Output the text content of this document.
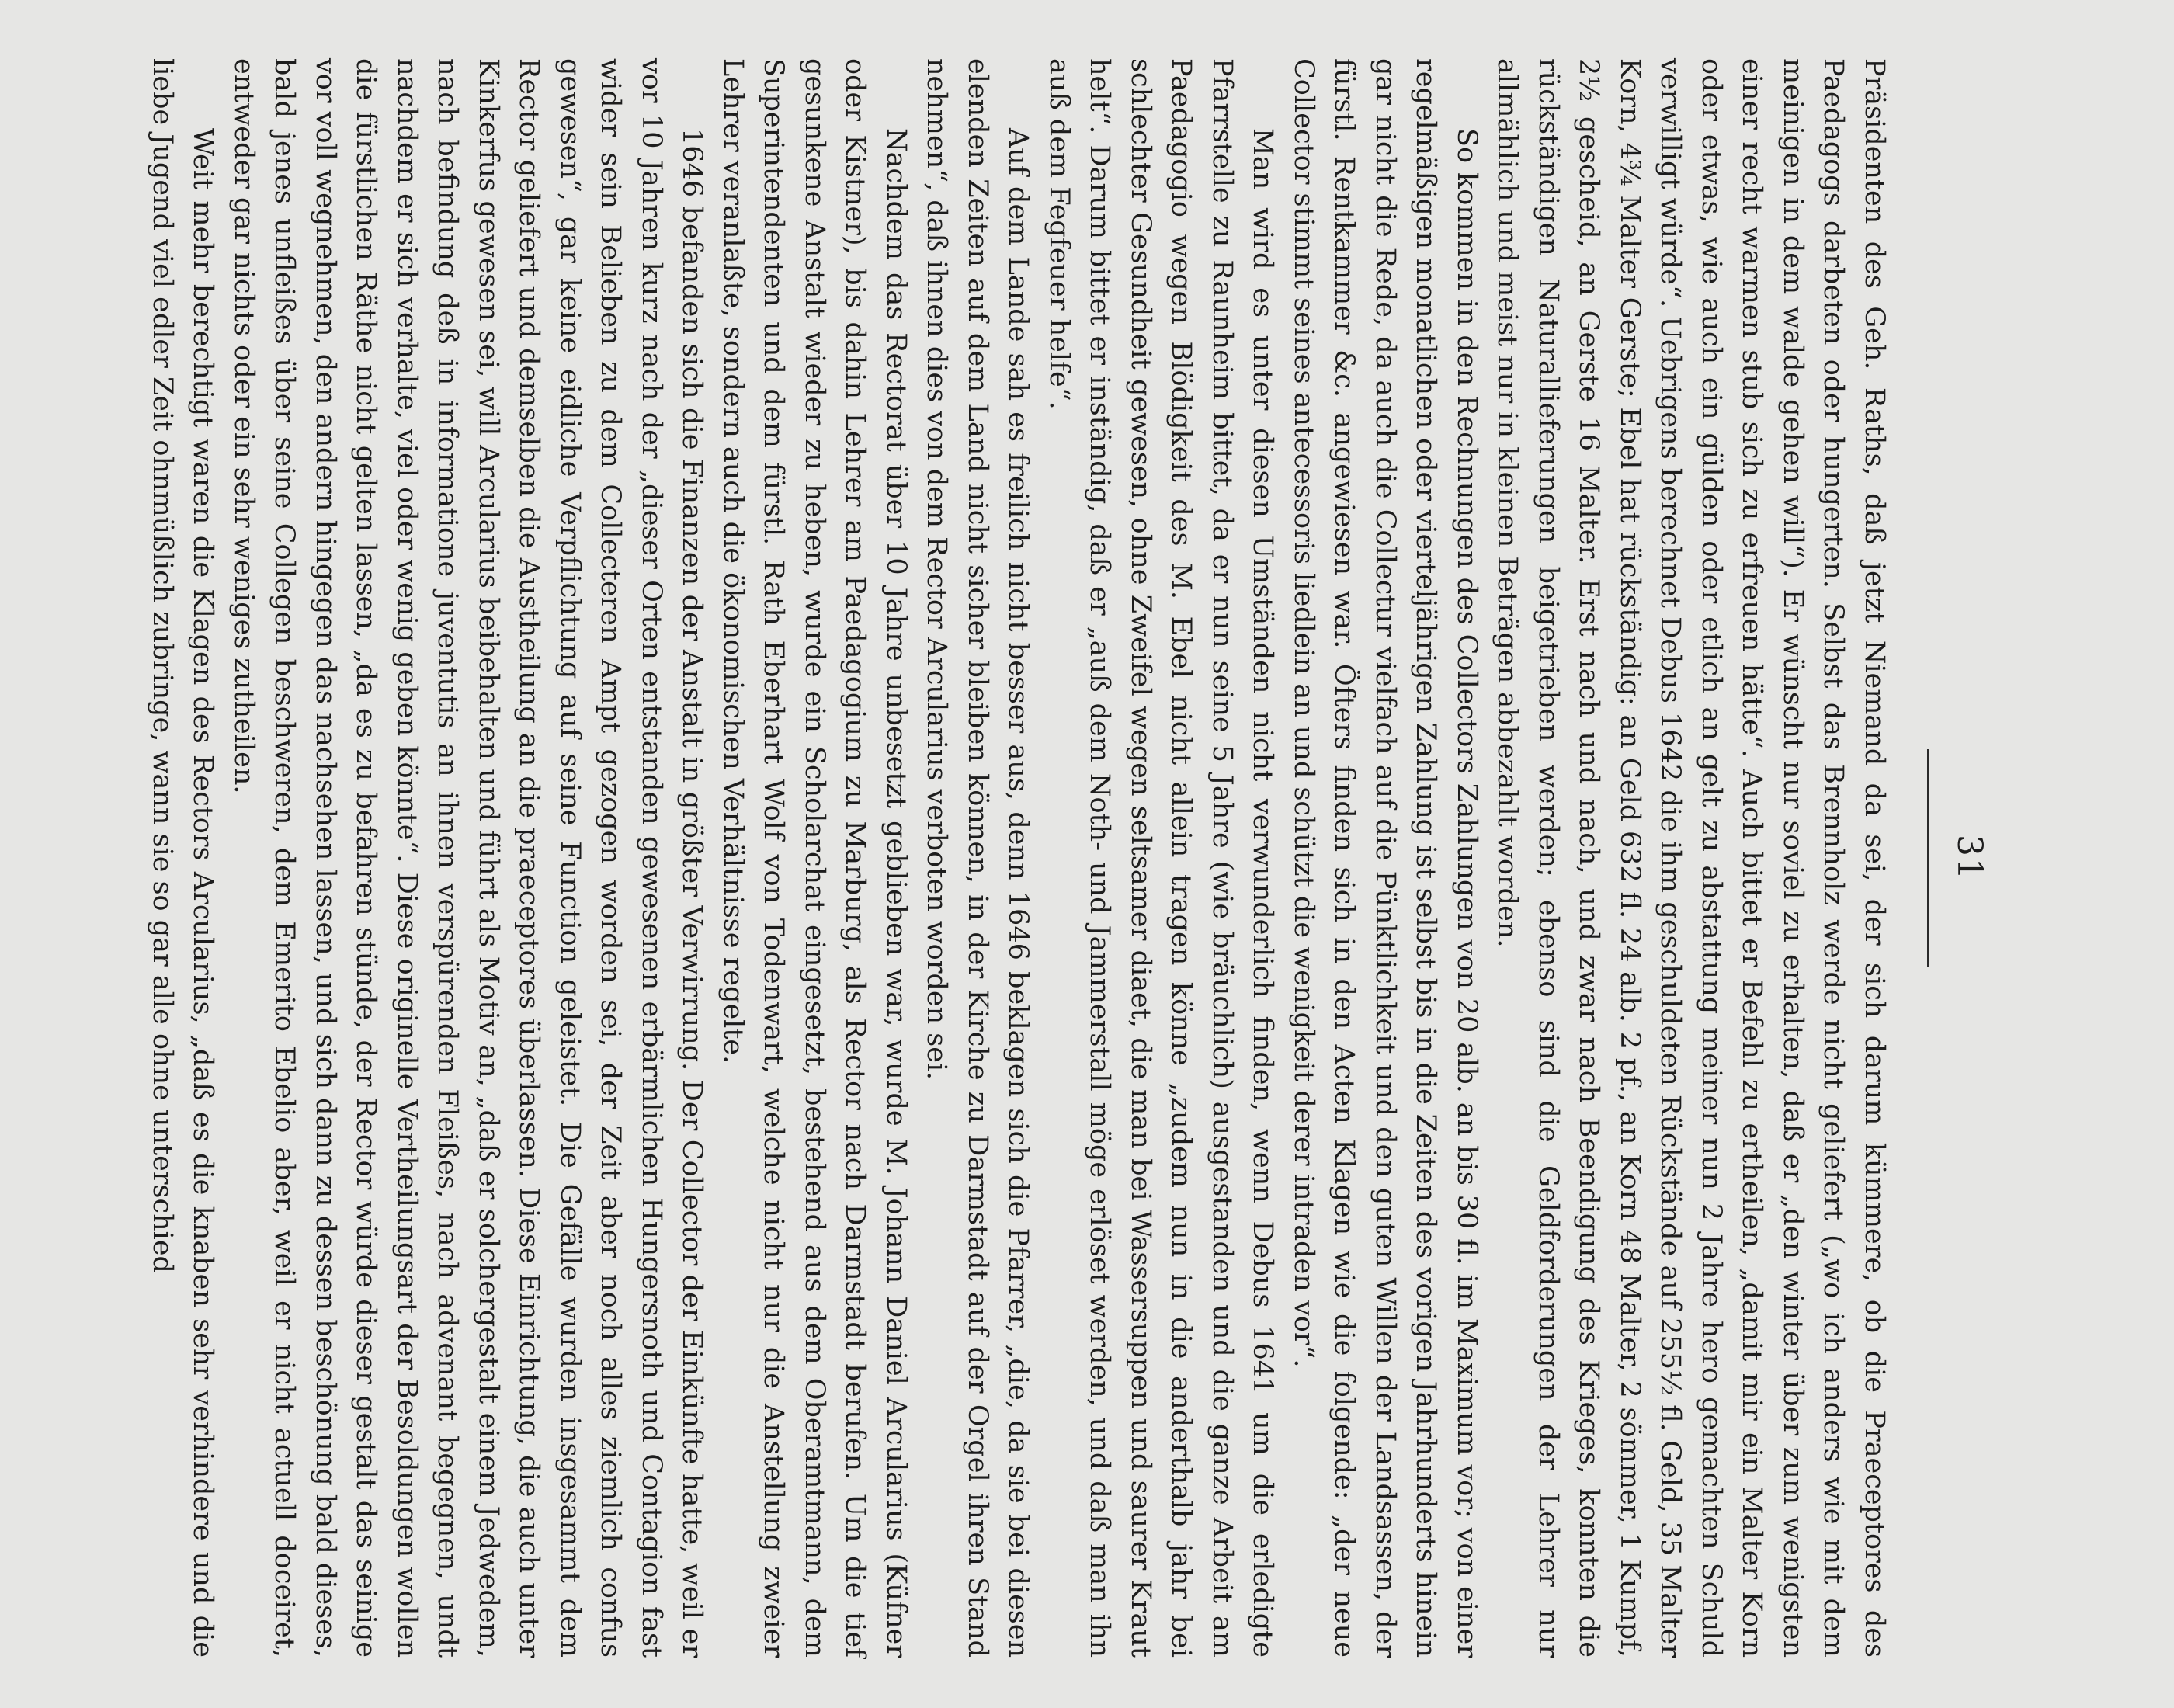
31

Präsidenten des Geh. Raths, daß jetzt Niemand da sei, der sich darum kümmere, ob die Praeceptores des Paedagogs darbeten oder hungerten. Selbst das Brennholz werde nicht geliefert („wo ich anders wie mit dem meinigen in dem walde gehen will“). Er wünscht nur soviel zu erhalten, daß er „den winter über zum wenigsten einer recht warmen stub sich zu erfreuen hätte“. Auch bittet er Befehl zu ertheilen, „damit mir ein Malter Korn oder etwas, wie auch ein gülden oder etlich an gelt zu abstattung meiner nun 2 Jahre hero gemachten Schuld verwilligt würde“. Uebrigens berechnet Debus 1642 die ihm geschuldeten Rückstände auf 255½ fl. Geld, 35 Malter Korn, 4¾ Malter Gerste; Ebel hat rückständig: an Geld 632 fl. 24 alb. 2 pf., an Korn 48 Malter, 2 sömmer, 1 Kumpf, 2½ gescheid, an Gerste 16 Malter. Erst nach und nach, und zwar nach Beendigung des Krieges, konnten die rückständigen Naturallieferungen beigetrieben werden; ebenso sind die Geldforderungen der Lehrer nur allmählich und meist nur in kleinen Beträgen abbezahlt worden.

So kommen in den Rechnungen des Collectors Zahlungen von 20 alb. an bis 30 fl. im Maximum vor; von einer regelmäßigen monatlichen oder vierteljährigen Zahlung ist selbst bis in die Zeiten des vorigen Jahrhunderts hinein gar nicht die Rede, da auch die Collectur vielfach auf die Pünktlichkeit und den guten Willen der Landsassen, der fürstl. Rentkammer &c. angewiesen war. Öfters finden sich in den Acten Klagen wie die folgende: „der neue Collector stimmt seines antecessoris liedlein an und schützt die wenigkeit derer intraden vor“.

Man wird es unter diesen Umständen nicht verwunderlich finden, wenn Debus 1641 um die erledigte Pfarrstelle zu Raunheim bittet, da er nun seine 5 Jahre (wie bräuchlich) ausgestanden und die ganze Arbeit am Paedagogio wegen Blödigkeit des M. Ebel nicht allein tragen könne „zudem nun in die anderthalb jahr bei schlechter Gesundheit gewesen, ohne Zweifel wegen seltsamer diaet, die man bei Wassersuppen und saurer Kraut helt“. Darum bittet er inständig, daß er „auß dem Noth- und Jammerstall möge erlöset werden, und daß man ihn auß dem Fegfeuer helfe“.

Auf dem Lande sah es freilich nicht besser aus, denn 1646 beklagen sich die Pfarrer, „die, da sie bei diesen elenden Zeiten auf dem Land nicht sicher bleiben können, in der Kirche zu Darmstadt auf der Orgel ihren Stand nehmen“, daß ihnen dies von dem Rector Arcularius verboten worden sei.

Nachdem das Rectorat über 10 Jahre unbesetzt geblieben war, wurde M. Johann Daniel Arcularius (Küfner oder Kistner), bis dahin Lehrer am Paedagogium zu Marburg, als Rector nach Darmstadt berufen. Um die tief gesunkene Anstalt wieder zu heben, wurde ein Scholarchat eingesetzt, bestehend aus dem Oberamtmann, dem Superintendenten und dem fürstl. Rath Eberhart Wolf von Todenwart, welche nicht nur die Anstellung zweier Lehrer veranlaßte, sondern auch die ökonomischen Verhältnisse regelte.

1646 befanden sich die Finanzen der Anstalt in größter Verwirrung. Der Collector der Einkünfte hatte, weil er vor 10 Jahren kurz nach der „dieser Orten entstanden gewesenen erbärmlichen Hungersnoth und Contagion fast wider sein Belieben zu dem Collecteren Ampt gezogen worden sei, der Zeit aber noch alles ziemlich confus gewesen“, gar keine eidliche Verpflichtung auf seine Function geleistet. Die Gefälle wurden insgesammt dem Rector geliefert und demselben die Austheilung an die praeceptores überlassen. Diese Einrichtung, die auch unter Kinkerfus gewesen sei, will Arcularius beibehalten und führt als Motiv an, „daß er solchergestalt einem Jedwedem, nach befindung deß in informatione juventutis an ihnen verspürenden Fleißes, nach advenant begegnen, undt nachdem er sich verhalte, viel oder wenig geben könnte“. Diese originelle Vertheilungsart der Besoldungen wollen die fürstlichen Räthe nicht gelten lassen, „da es zu befahren stünde, der Rector würde dieser gestalt das seinige vor voll wegnehmen, den andern hingegen das nachsehen lassen, und sich dann zu dessen beschönung bald dieses, bald jenes unfleißes über seine Collegen beschweren, dem Emerito Ebelio aber, weil er nicht actuell doceiret, entweder gar nichts oder ein sehr weniges zutheilen.

Weit mehr berechtigt waren die Klagen des Rectors Arcularius, „daß es die knaben sehr verhindere und die liebe Jugend viel edler Zeit ohnmüßlich zubringe, wann sie so gar alle ohne unterschied
